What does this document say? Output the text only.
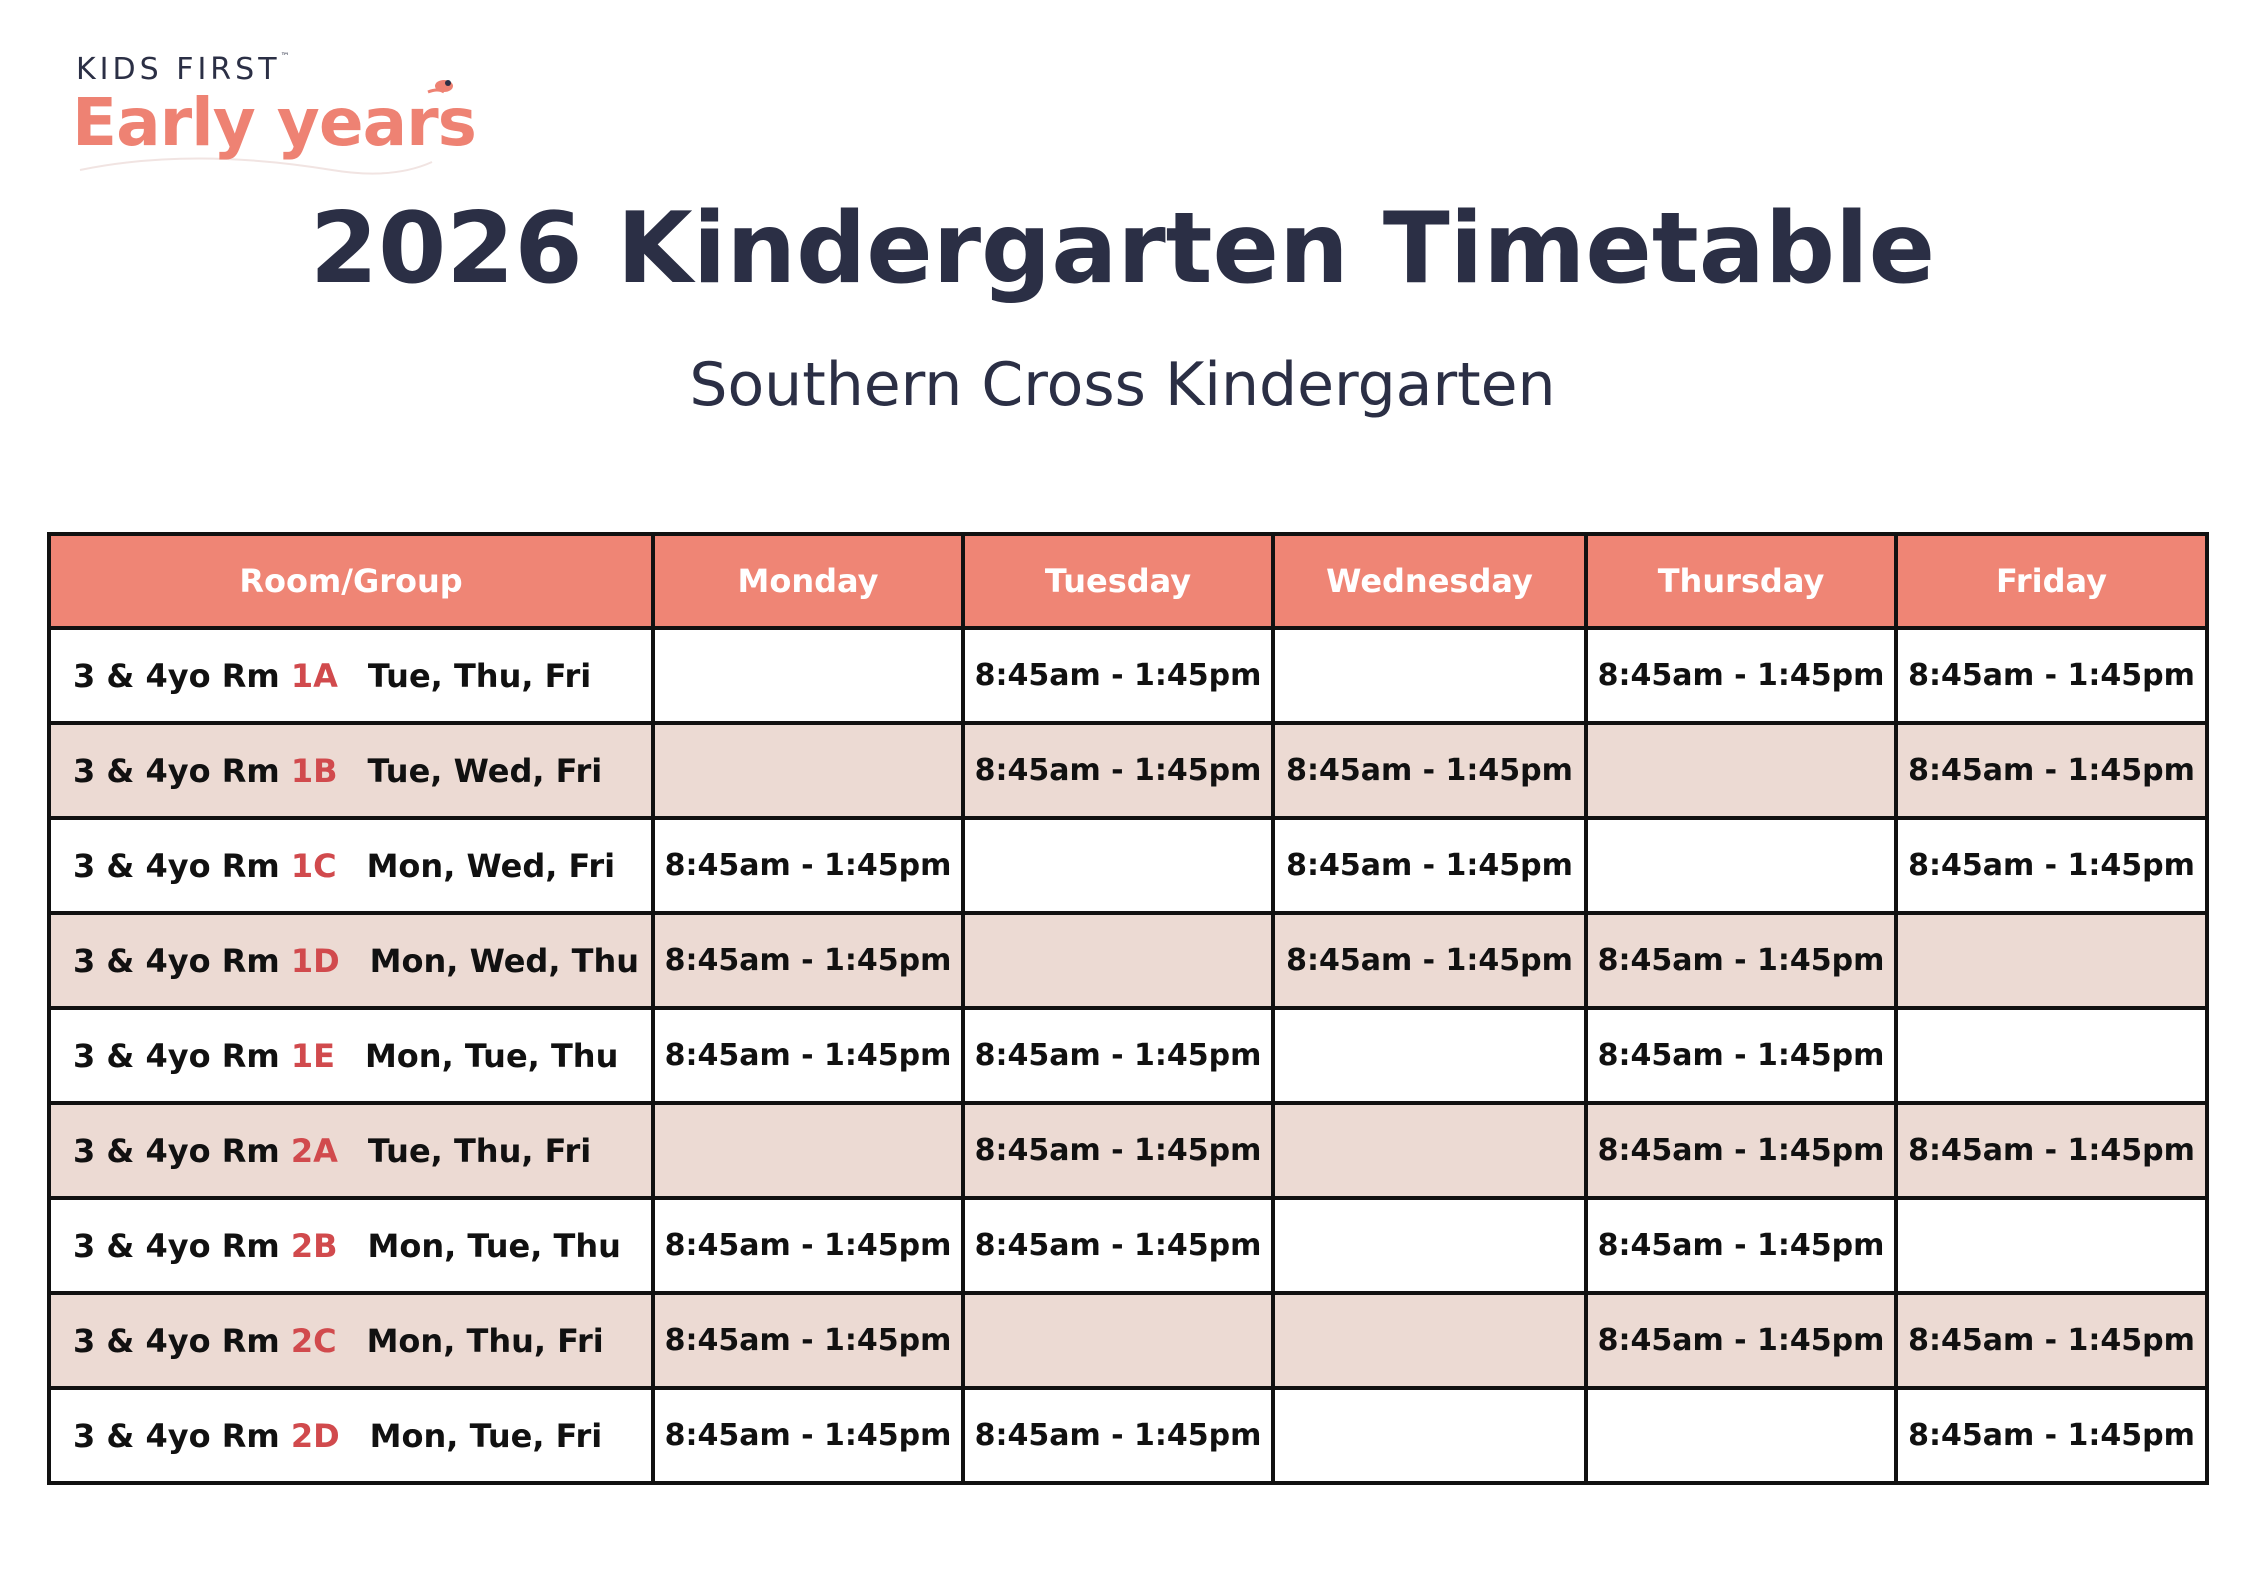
KIDS FIRST™
Early years
2026 Kindergarten Timetable
Southern Cross Kindergarten
Room/Group	Monday	Tuesday	Wednesday	Thursday	Friday
3 & 4yo Rm 1A Tue, Thu, Fri		8:45am - 1:45pm		8:45am - 1:45pm	8:45am - 1:45pm
3 & 4yo Rm 1B Tue, Wed, Fri		8:45am - 1:45pm	8:45am - 1:45pm		8:45am - 1:45pm
3 & 4yo Rm 1C Mon, Wed, Fri	8:45am - 1:45pm		8:45am - 1:45pm		8:45am - 1:45pm
3 & 4yo Rm 1D Mon, Wed, Thu	8:45am - 1:45pm		8:45am - 1:45pm	8:45am - 1:45pm	
3 & 4yo Rm 1E Mon, Tue, Thu	8:45am - 1:45pm	8:45am - 1:45pm		8:45am - 1:45pm	
3 & 4yo Rm 2A Tue, Thu, Fri		8:45am - 1:45pm		8:45am - 1:45pm	8:45am - 1:45pm
3 & 4yo Rm 2B Mon, Tue, Thu	8:45am - 1:45pm	8:45am - 1:45pm		8:45am - 1:45pm	
3 & 4yo Rm 2C Mon, Thu, Fri	8:45am - 1:45pm			8:45am - 1:45pm	8:45am - 1:45pm
3 & 4yo Rm 2D Mon, Tue, Fri	8:45am - 1:45pm	8:45am - 1:45pm			8:45am - 1:45pm
